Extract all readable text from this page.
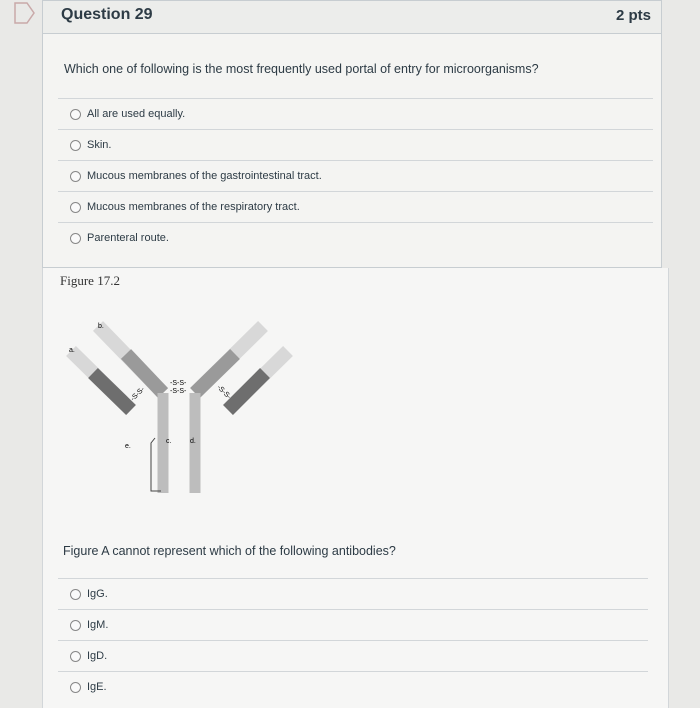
Question 29	2 pts
Which one of following is the most frequently used portal of entry for microorganisms?
All are used equally.
Skin.
Mucous membranes of the gastrointestinal tract.
Mucous membranes of the respiratory tract.
Parenteral route.
Figure 17.2
b.
a.
c.	d.
e.
-S-S-
-S-S-
-S-S-	-S-S-
Figure A cannot represent which of the following antibodies?
IgG.
IgM.
IgD.
IgE.
